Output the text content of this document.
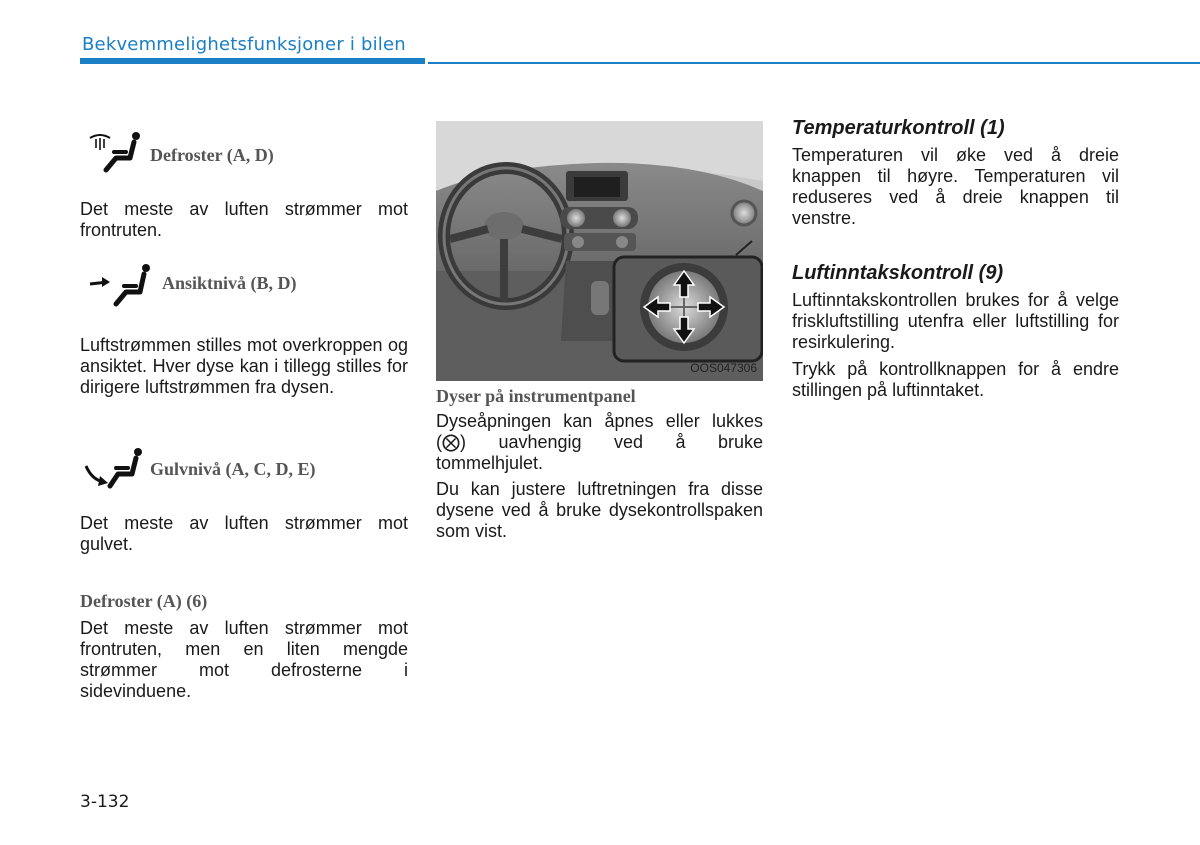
Bekvemmelighetsfunksjoner i bilen
Defroster (A, D)

Det meste av luften strømmer mot frontruten.

Ansiktnivå (B, D)

Luftstrømmen stilles mot overkroppen og ansiktet. Hver dyse kan i tillegg stilles for dirigere luftstrømmen fra dysen.

Gulvnivå (A, C, D, E)

Det meste av luften strømmer mot gulvet.

Defroster (A) (6)

Det meste av luften strømmer mot frontruten, men en liten mengde strømmer mot defrosterne i sidevinduene.

OOS047306
Dyser på instrumentpanel

Dyseåpningen kan åpnes eller lukkes (⨂) uavhengig ved å bruke tommelhjulet.

Du kan justere luftretningen fra disse dysene ved å bruke dysekontrollspaken som vist.

Temperaturkontroll (1)

Temperaturen vil øke ved å dreie knappen til høyre. Temperaturen vil reduseres ved å dreie knappen til venstre.

Luftinntakskontroll (9)

Luftinntakskontrollen brukes for å velge friskluftstilling utenfra eller luftstilling for resirkulering.

Trykk på kontrollknappen for å endre stillingen på luftinntaket.

3-132
